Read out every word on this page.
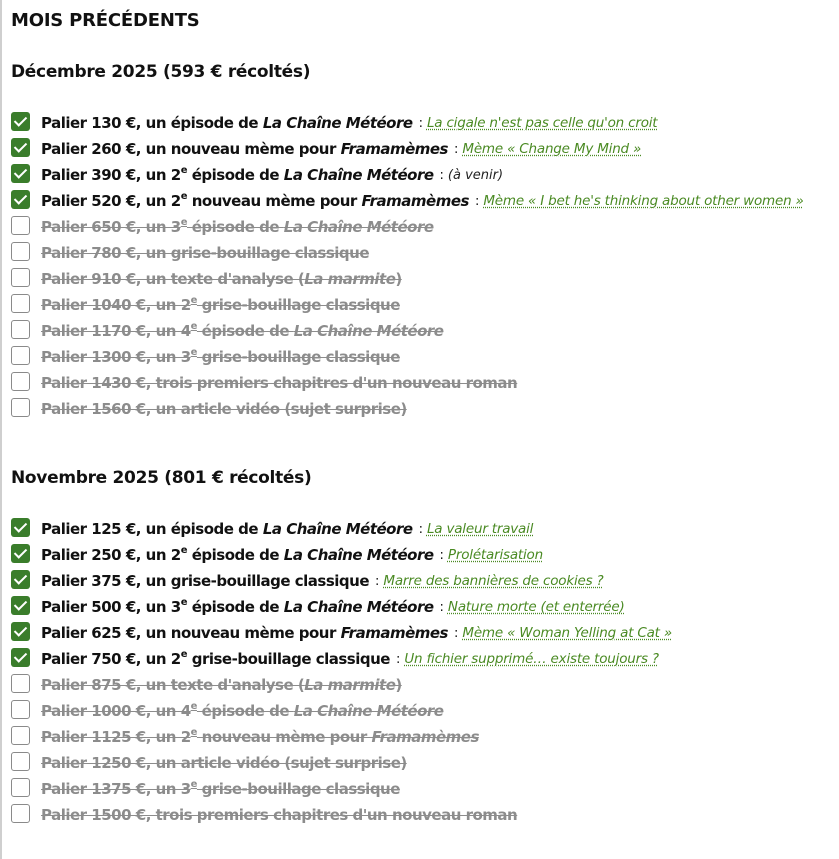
MOIS PRÉCÉDENTS
Décembre 2025 (593 € récoltés)
Palier 130 €, un épisode de La Chaîne Météore : La cigale n'est pas celle qu'on croit
Palier 260 €, un nouveau mème pour Framamèmes : Mème « Change My Mind »
Palier 390 €, un 2e épisode de La Chaîne Météore : (à venir)
Palier 520 €, un 2e nouveau mème pour Framamèmes : Mème « I bet he's thinking about other women »
Palier 650 €, un 3e épisode de La Chaîne Météore
Palier 780 €, un grise-bouillage classique
Palier 910 €, un texte d'analyse (La marmite)
Palier 1040 €, un 2e grise-bouillage classique
Palier 1170 €, un 4e épisode de La Chaîne Météore
Palier 1300 €, un 3e grise-bouillage classique
Palier 1430 €, trois premiers chapitres d'un nouveau roman
Palier 1560 €, un article vidéo (sujet surprise)
Novembre 2025 (801 € récoltés)
Palier 125 €, un épisode de La Chaîne Météore : La valeur travail
Palier 250 €, un 2e épisode de La Chaîne Météore : Prolétarisation
Palier 375 €, un grise-bouillage classique : Marre des bannières de cookies ?
Palier 500 €, un 3e épisode de La Chaîne Météore : Nature morte (et enterrée)
Palier 625 €, un nouveau mème pour Framamèmes : Mème « Woman Yelling at Cat »
Palier 750 €, un 2e grise-bouillage classique : Un fichier supprimé… existe toujours ?
Palier 875 €, un texte d'analyse (La marmite)
Palier 1000 €, un 4e épisode de La Chaîne Météore
Palier 1125 €, un 2e nouveau mème pour Framamèmes
Palier 1250 €, un article vidéo (sujet surprise)
Palier 1375 €, un 3e grise-bouillage classique
Palier 1500 €, trois premiers chapitres d'un nouveau roman
